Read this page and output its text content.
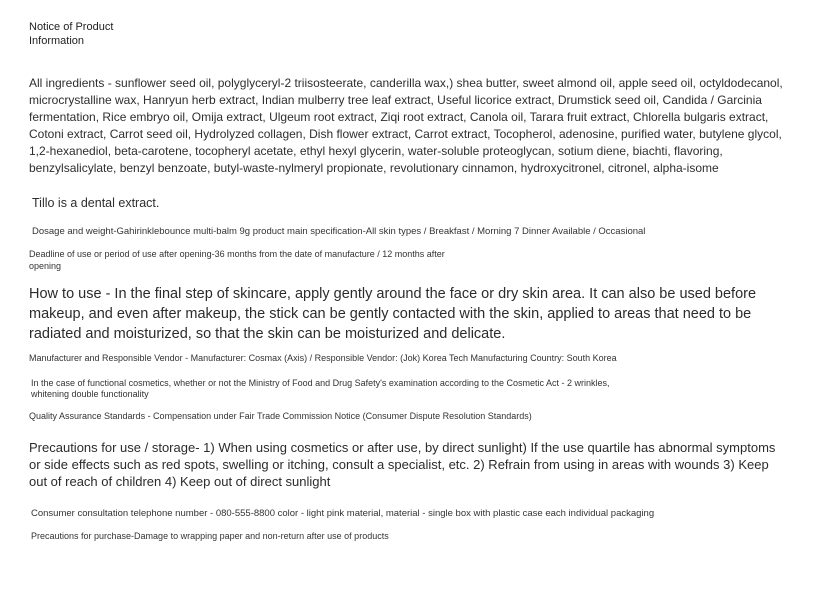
Notice of Product Information

All ingredients - sunflower seed oil, polyglyceryl-2 triisosteerate, canderilla wax,) shea butter, sweet almond oil, apple seed oil, octyldodecanol, microcrystalline wax, Hanryun herb extract, Indian mulberry tree leaf extract, Useful licorice extract, Drumstick seed oil, Candida / Garcinia fermentation, Rice embryo oil, Omija extract, Ulgeum root extract, Ziqi root extract, Canola oil, Tarara fruit extract, Chlorella bulgaris extract, Cotoni extract, Carrot seed oil, Hydrolyzed collagen, Dish flower extract, Carrot extract, Tocopherol, adenosine, purified water, butylene glycol, 1,2-hexanediol, beta-carotene, tocopheryl acetate, ethyl hexyl glycerin, water-soluble proteoglycan, sotium diene, biachti, flavoring, benzylsalicylate, benzyl benzoate, butyl-waste-nylmeryl propionate, revolutionary cinnamon, hydroxycitronel, citronel, alpha-isome

Tillo is a dental extract.

Dosage and weight-Gahirinklebounce multi-balm 9g product main specification-All skin types / Breakfast / Morning 7 Dinner Available / Occasional

Deadline of use or period of use after opening-36 months from the date of manufacture / 12 months after opening

How to use - In the final step of skincare, apply gently around the face or dry skin area. It can also be used before makeup, and even after makeup, the stick can be gently contacted with the skin, applied to areas that need to be radiated and moisturized, so that the skin can be moisturized and delicate.

Manufacturer and Responsible Vendor - Manufacturer: Cosmax (Axis) / Responsible Vendor: (Jok) Korea Tech Manufacturing Country: South Korea

In the case of functional cosmetics, whether or not the Ministry of Food and Drug Safety's examination according to the Cosmetic Act - 2 wrinkles, whitening double functionality

Quality Assurance Standards - Compensation under Fair Trade Commission Notice (Consumer Dispute Resolution Standards)

Precautions for use / storage- 1) When using cosmetics or after use, by direct sunlight) If the use quartile has abnormal symptoms or side effects such as red spots, swelling or itching, consult a specialist, etc. 2) Refrain from using in areas with wounds 3) Keep out of reach of children 4) Keep out of direct sunlight

Consumer consultation telephone number - 080-555-8800 color - light pink material, material - single box with plastic case each individual packaging

Precautions for purchase-Damage to wrapping paper and non-return after use of products
